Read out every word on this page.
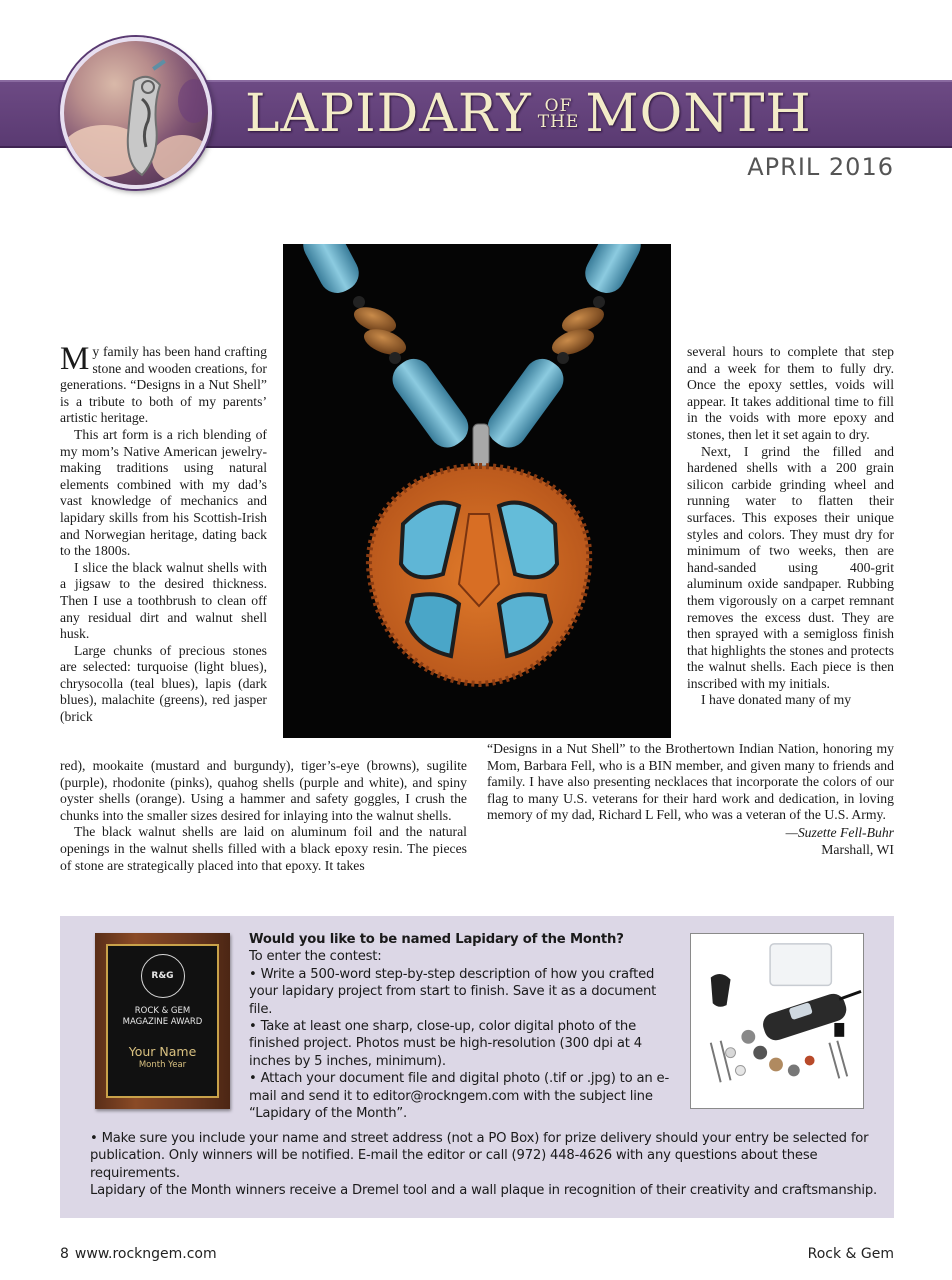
LAPIDARY OF
THE MONTH
APRIL 2016

My family has been hand crafting stone and wooden creations, for generations. “Designs in a Nut Shell” is a tribute to both of my parents’ artistic heritage.

This art form is a rich blending of my mom’s Native American jewelry-making traditions using natural elements combined with my dad’s vast knowledge of mechanics and lapidary skills from his Scottish-Irish and Norwegian heritage, dating back to the 1800s.

I slice the black walnut shells with a jigsaw to the desired thickness. Then I use a toothbrush to clean off any residual dirt and walnut shell husk.

Large chunks of precious stones are selected: turquoise (light blues), chrysocolla (teal blues), lapis (dark blues), malachite (greens), red jasper (brick

red), mookaite (mustard and burgundy), tiger’s-eye (browns), sugilite (purple), rhodonite (pinks), quahog shells (purple and white), and spiny oyster shells (orange). Using a hammer and safety goggles, I crush the chunks into the smaller sizes desired for inlaying into the walnut shells.

The black walnut shells are laid on aluminum foil and the natural openings in the walnut shells filled with a black epoxy resin. The pieces of stone are strategically placed into that epoxy. It takes

several hours to complete that step and a week for them to fully dry. Once the epoxy settles, voids will appear. It takes additional time to fill in the voids with more epoxy and stones, then let it set again to dry.

Next, I grind the filled and hardened shells with a 200 grain silicon carbide grinding wheel and running water to flatten their surfaces. This exposes their unique styles and colors. They must dry for minimum of two weeks, then are hand-sanded using 400-grit aluminum oxide sandpaper. Rubbing them vigorously on a carpet remnant removes the excess dust. They are then sprayed with a semigloss finish that highlights the stones and protects the walnut shells. Each piece is then inscribed with my initials.

I have donated many of my

“Designs in a Nut Shell” to the Brothertown Indian Nation, honoring my Mom, Barbara Fell, who is a BIN member, and given many to friends and family. I have also presenting necklaces that incorporate the colors of our flag to many U.S. veterans for their hard work and dedication, in loving memory of my dad, Richard L Fell, who was a veteran of the U.S. Army.

—Suzette Fell-Buhr
Marshall, WI
R&G
ROCK & GEM
MAGAZINE AWARD
Your Name
Month Year
Would you like to be named Lapidary of the Month?
To enter the contest:
• Write a 500-word step-by-step description of how you crafted your lapidary project from start to finish. Save it as a document file.
• Take at least one sharp, close-up, color digital photo of the finished project. Photos must be high-resolution (300 dpi at 4 inches by 5 inches, minimum).
• Attach your document file and digital photo (.tif or .jpg) to an e-mail and send it to editor@rockngem.com with the subject line “Lapidary of the Month”.
• Make sure you include your name and street address (not a PO Box) for prize delivery should your entry be selected for publication. Only winners will be notified. E-mail the editor or call (972) 448-4626 with any questions about these requirements.
Lapidary of the Month winners receive a Dremel tool and a wall plaque in recognition of their creativity and craftsmanship.
8 www.rockngem.com	Rock & Gem
